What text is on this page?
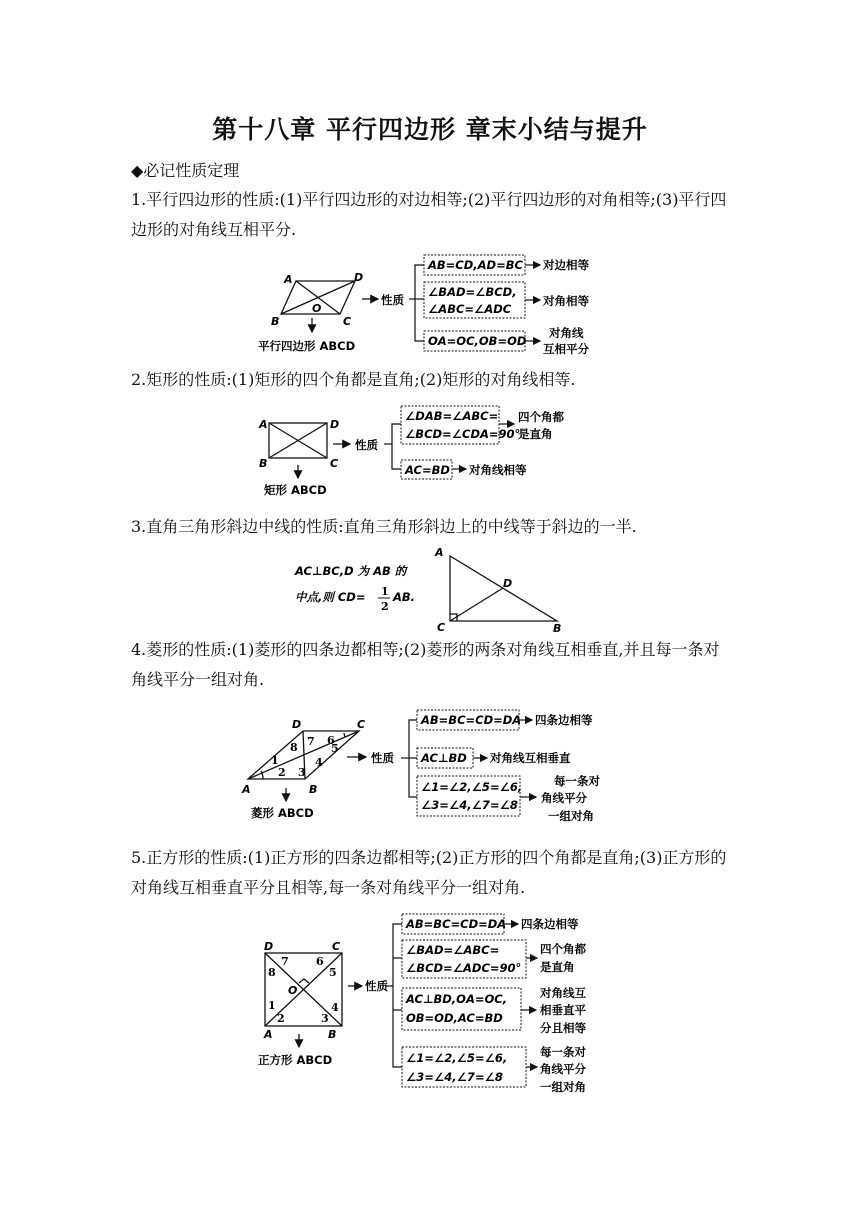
第十八章 平行四边形 章末小结与提升
◆必记性质定理
1.平行四边形的性质:(1)平行四边形的对边相等;(2)平行四边形的对角相等;(3)平行四边形的对角线互相平分.
2.矩形的性质:(1)矩形的四个角都是直角;(2)矩形的对角线相等.
3.直角三角形斜边中线的性质:直角三角形斜边上的中线等于斜边的一半.
4.菱形的性质:(1)菱形的四条边都相等;(2)菱形的两条对角线互相垂直,并且每一条对角线平分一组对角.
5.正方形的性质:(1)正方形的四条边都相等;(2)正方形的四个角都是直角;(3)正方形的对角线互相垂直平分且相等,每一条对角线平分一组对角.
A	D
B	C
O
平行四边形 ABCD
性质
AB=CD,AD=BC
∠BAD=∠BCD,
∠ABC=∠ADC
OA=OC,OB=OD
对边相等
对角相等
对角线
互相平分
A	D
B	C
矩形 ABCD
性质
∠DAB=∠ABC=
∠BCD=∠CDA=90°
AC=BD
四个角都
是直角
对角线相等
AC⊥BC,D 为 AB 的
中点,则 CD= 1
2
AB.
A
C	B
D
D	C
A	B
1
2 3
4
5
6
7
8
菱形 ABCD
性质
AB=BC=CD=DA
AC⊥BD
∠1=∠2,∠5=∠6,
∠3=∠4,∠7=∠8
四条边相等
对角线互相垂直
每一条对
角线平分
一组对角
D	C
A	B
O
1
2	3
4
5
6
7
8
正方形 ABCD
性质
AB=BC=CD=DA
∠BAD=∠ABC=
∠BCD=∠ADC=90°
AC⊥BD,OA=OC,
OB=OD,AC=BD
∠1=∠2,∠5=∠6,
∠3=∠4,∠7=∠8
四条边相等
四个角都
是直角
对角线互
相垂直平
分且相等
每一条对
角线平分
一组对角
